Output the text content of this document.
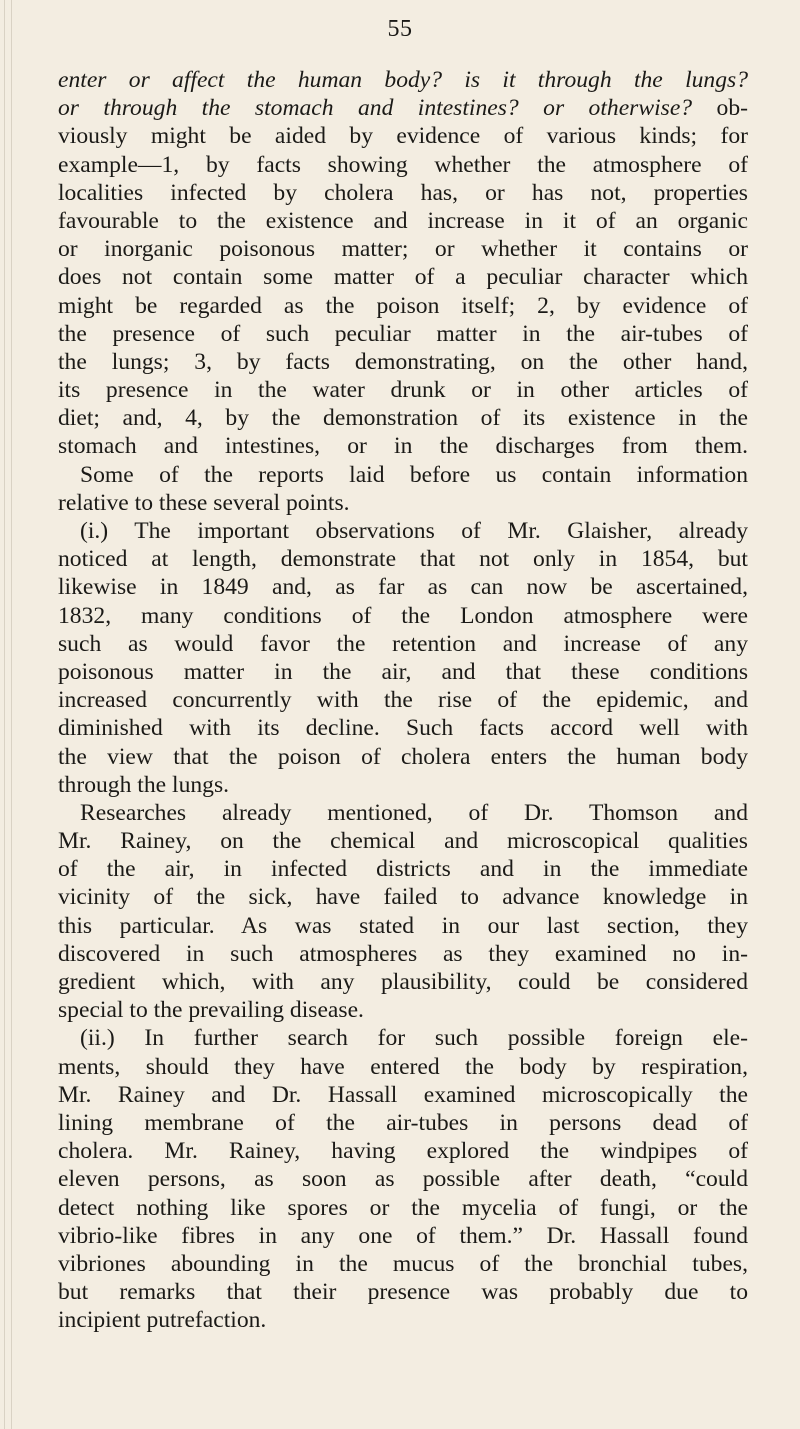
55
enter or affect the human body? is it through the lungs?
or through the stomach and intestines? or otherwise? ob-
viously might be aided by evidence of various kinds; for
example—1, by facts showing whether the atmosphere of
localities infected by cholera has, or has not, properties
favourable to the existence and increase in it of an organic
or inorganic poisonous matter; or whether it contains or
does not contain some matter of a peculiar character which
might be regarded as the poison itself; 2, by evidence of
the presence of such peculiar matter in the air-tubes of
the lungs; 3, by facts demonstrating, on the other hand,
its presence in the water drunk or in other articles of
diet; and, 4, by the demonstration of its existence in the
stomach and intestines, or in the discharges from them.
Some of the reports laid before us contain information
relative to these several points.
(i.) The important observations of Mr. Glaisher, already
noticed at length, demonstrate that not only in 1854, but
likewise in 1849 and, as far as can now be ascertained,
1832, many conditions of the London atmosphere were
such as would favor the retention and increase of any
poisonous matter in the air, and that these conditions
increased concurrently with the rise of the epidemic, and
diminished with its decline. Such facts accord well with
the view that the poison of cholera enters the human body
through the lungs.
Researches already mentioned, of Dr. Thomson and
Mr. Rainey, on the chemical and microscopical qualities
of the air, in infected districts and in the immediate
vicinity of the sick, have failed to advance knowledge in
this particular. As was stated in our last section, they
discovered in such atmospheres as they examined no in-
gredient which, with any plausibility, could be considered
special to the prevailing disease.
(ii.) In further search for such possible foreign ele-
ments, should they have entered the body by respiration,
Mr. Rainey and Dr. Hassall examined microscopically the
lining membrane of the air-tubes in persons dead of
cholera. Mr. Rainey, having explored the windpipes of
eleven persons, as soon as possible after death, “could
detect nothing like spores or the mycelia of fungi, or the
vibrio-like fibres in any one of them.” Dr. Hassall found
vibriones abounding in the mucus of the bronchial tubes,
but remarks that their presence was probably due to
incipient putrefaction.
